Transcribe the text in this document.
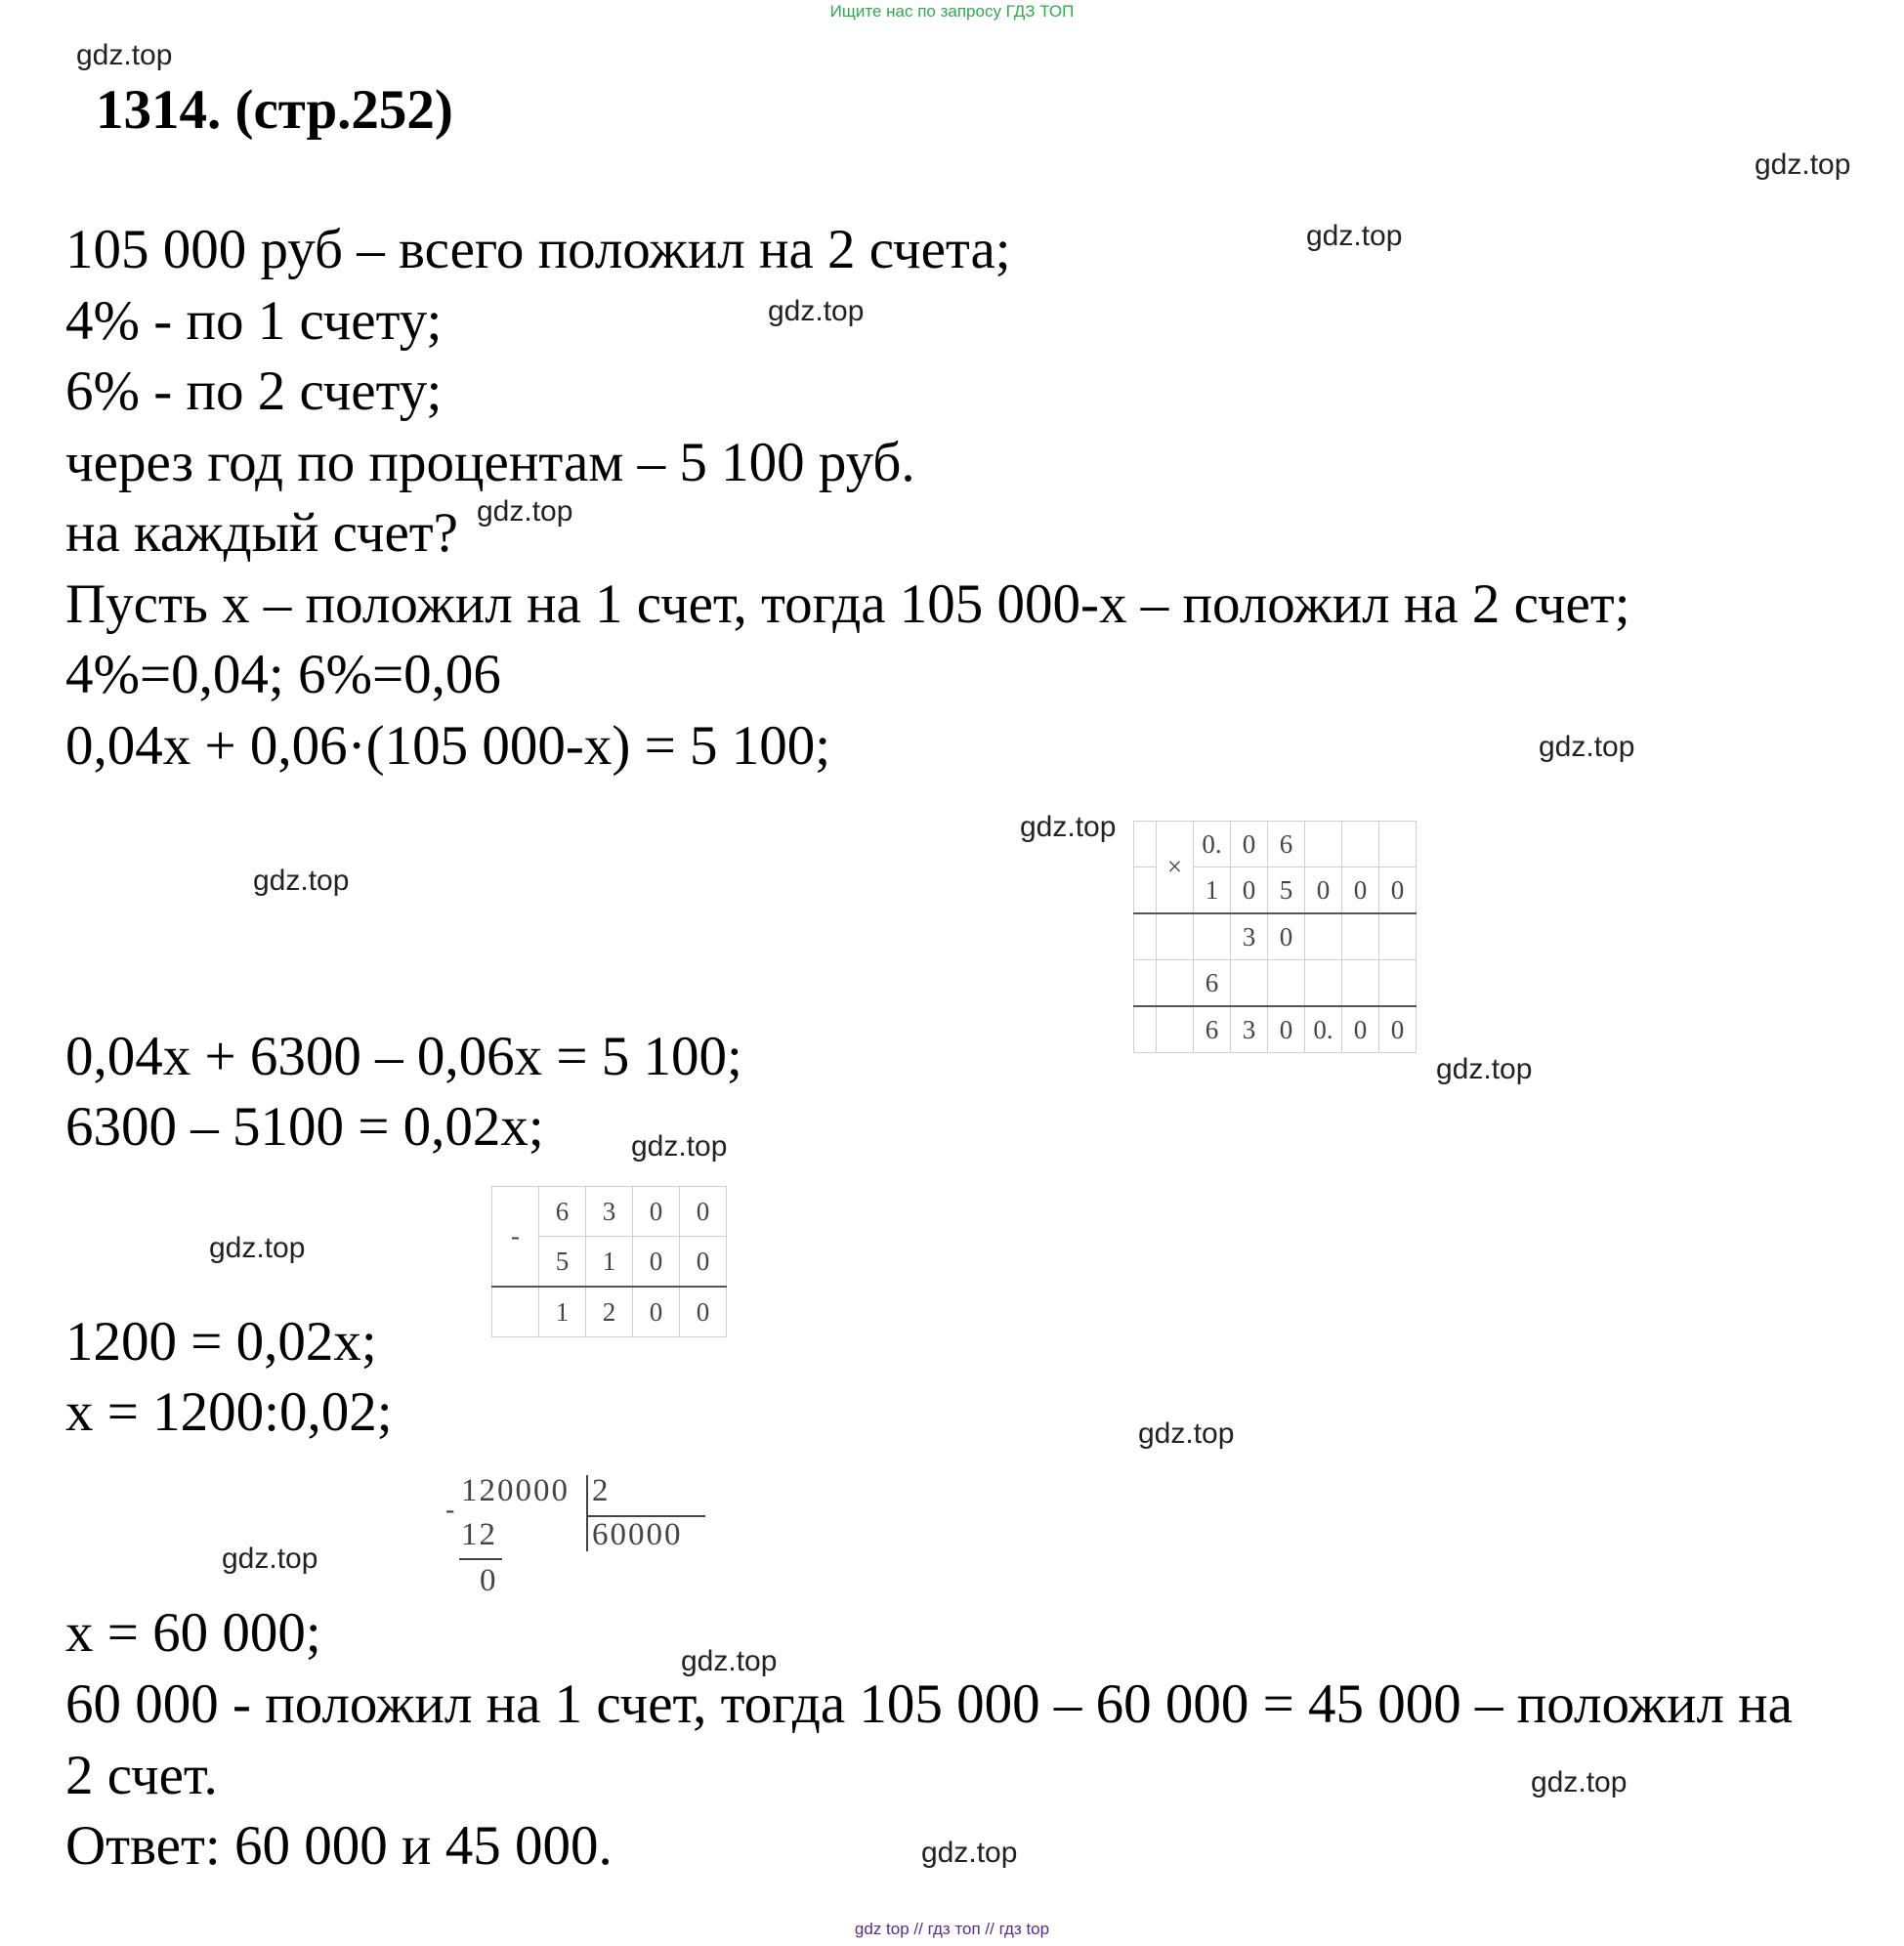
Ищите нас по запросу ГДЗ ТОП
gdz.top
gdz.top
gdz.top
gdz.top
gdz.top
gdz.top
gdz.top
gdz.top
gdz.top
gdz.top
gdz.top
gdz.top
gdz.top
gdz.top
gdz.top
gdz.top
1314. (стр.252)
105 000 руб – всего положил на 2 счета;
4% - по 1 счету;
6% - по 2 счету;
через год по процентам – 5 100 руб.
на каждый счет?
Пусть х – положил на 1 счет, тогда 105 000-х – положил на 2 счет;
4%=0,04; 6%=0,06
0,04х + 0,06·(105 000-х) = 5 100;
0,04х + 6300 – 0,06х = 5 100;
6300 – 5100 = 0,02х;
1200 = 0,02х;
х = 1200:0,02;
х = 60 000;
60 000 - положил на 1 счет, тогда 105 000 – 60 000 = 45 000 – положил на
2 счет.
Ответ: 60 000 и 45 000.
	×	0.	0	6			
		1	0	5	0	0	0
			3	0			
		6					
		6	3	0	0.	0	0
-	6	3	0	0
	5	1	0	0
	1	2	0	0
120000 2
60000
-
12
0
gdz top // гдз топ // гдз top
